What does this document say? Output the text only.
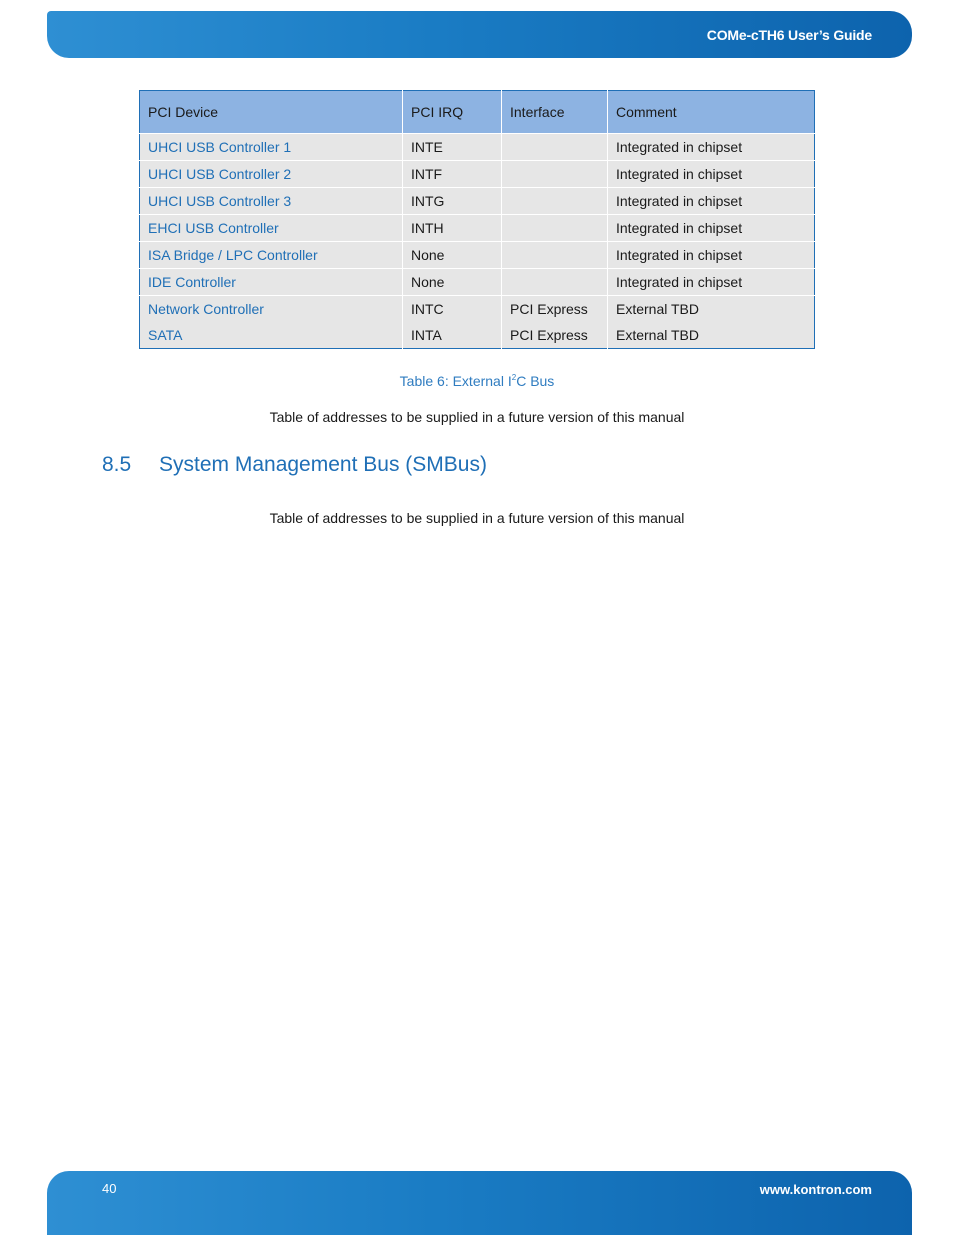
COMe-cTH6 User’s Guide
PCI Device	PCI IRQ	Interface	Comment
UHCI USB Controller 1	INTE		Integrated in chipset
UHCI USB Controller 2	INTF		Integrated in chipset
UHCI USB Controller 3	INTG		Integrated in chipset
EHCI USB Controller	INTH		Integrated in chipset
ISA Bridge / LPC Controller	None		Integrated in chipset
IDE Controller	None		Integrated in chipset
Network Controller	INTC	PCI Express	External TBD
SATA	INTA	PCI Express	External TBD
Table 6: External $I^2C$ Bus
Table of addresses to be supplied in a future version of this manual
8.5 System Management Bus (SMBus)
Table of addresses to be supplied in a future version of this manual
40	www.kontron.com
